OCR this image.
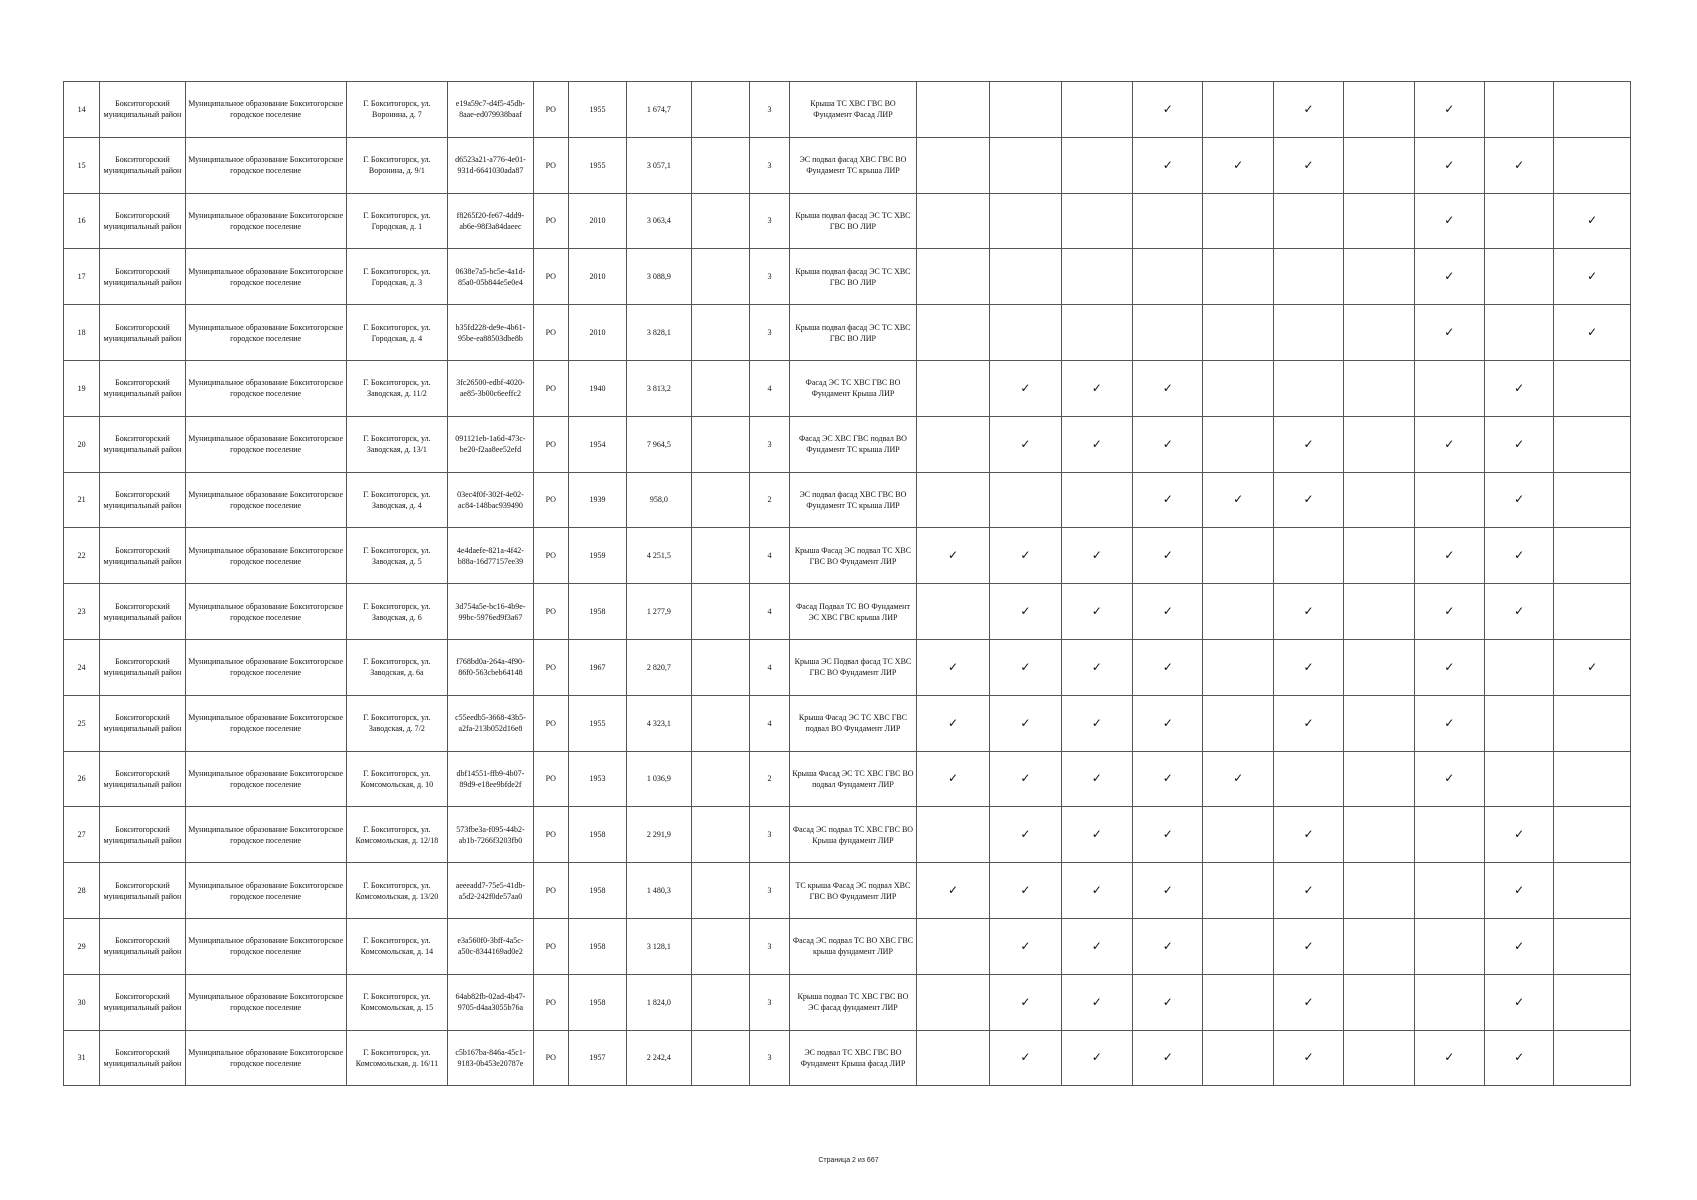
14	Бокситогорский муниципальный район	Муниципальное образование Бокситогорское городское поселение	Г. Бокситогорск, ул. Воронина, д. 7	e19a59c7-d4f5-45db-8aae-ed079938baaf	РО	1955	1 674,7		3	Крыша ТС ХВС ГВС ВО Фундамент Фасад ЛИР				✓		✓		✓		
15	Бокситогорский муниципальный район	Муниципальное образование Бокситогорское городское поселение	Г. Бокситогорск, ул. Воронина, д. 9/1	d6523a21-a776-4e01-931d-6641030ada87	РО	1955	3 057,1		3	ЭС подвал фасад ХВС ГВС ВО Фундамент ТС крыша ЛИР				✓	✓	✓		✓	✓	
16	Бокситогорский муниципальный район	Муниципальное образование Бокситогорское городское поселение	Г. Бокситогорск, ул. Городская, д. 1	f8265f20-fe67-4dd9-ab6e-98f3a84daeec	РО	2010	3 063,4		3	Крыша подвал фасад ЭС ТС ХВС ГВС ВО ЛИР								✓		✓
17	Бокситогорский муниципальный район	Муниципальное образование Бокситогорское городское поселение	Г. Бокситогорск, ул. Городская, д. 3	0638e7a5-bc5e-4a1d-85a0-05b844e5e0e4	РО	2010	3 088,9		3	Крыша подвал фасад ЭС ТС ХВС ГВС ВО ЛИР								✓		✓
18	Бокситогорский муниципальный район	Муниципальное образование Бокситогорское городское поселение	Г. Бокситогорск, ул. Городская, д. 4	b35fd228-de9e-4b61-95be-ea88503dbe8b	РО	2010	3 828,1		3	Крыша подвал фасад ЭС ТС ХВС ГВС ВО ЛИР								✓		✓
19	Бокситогорский муниципальный район	Муниципальное образование Бокситогорское городское поселение	Г. Бокситогорск, ул. Заводская, д. 11/2	3fc26500-edbf-4020-ae85-3b00c6eeffc2	РО	1940	3 813,2		4	Фасад ЭС ТС ХВС ГВС ВО Фундамент Крыша ЛИР		✓	✓	✓					✓	
20	Бокситогорский муниципальный район	Муниципальное образование Бокситогорское городское поселение	Г. Бокситогорск, ул. Заводская, д. 13/1	091121eb-1a6d-473c-be20-f2aa8ee52efd	РО	1954	7 964,5		3	Фасад ЭС ХВС ГВС подвал ВО Фундамент ТС крыша ЛИР		✓	✓	✓		✓		✓	✓	
21	Бокситогорский муниципальный район	Муниципальное образование Бокситогорское городское поселение	Г. Бокситогорск, ул. Заводская, д. 4	03ec4f0f-302f-4e02-ac84-148bac939490	РО	1939	958,0		2	ЭС подвал фасад ХВС ГВС ВО Фундамент ТС крыша ЛИР				✓	✓	✓			✓	
22	Бокситогорский муниципальный район	Муниципальное образование Бокситогорское городское поселение	Г. Бокситогорск, ул. Заводская, д. 5	4e4daefe-821a-4f42-b88a-16d77157ee39	РО	1959	4 251,5		4	Крыша Фасад ЭС подвал ТС ХВС ГВС ВО Фундамент ЛИР	✓	✓	✓	✓				✓	✓	
23	Бокситогорский муниципальный район	Муниципальное образование Бокситогорское городское поселение	Г. Бокситогорск, ул. Заводская, д. 6	3d754a5e-bc16-4b9e-99bc-5976ed9f3a67	РО	1958	1 277,9		4	Фасад Подвал ТС ВО Фундамент ЭС ХВС ГВС крыша ЛИР		✓	✓	✓		✓		✓	✓	
24	Бокситогорский муниципальный район	Муниципальное образование Бокситогорское городское поселение	Г. Бокситогорск, ул. Заводская, д. 6а	f768bd0a-264a-4f90-86f0-563cbeb64148	РО	1967	2 820,7		4	Крыша ЭС Подвал фасад ТС ХВС ГВС ВО Фундамент ЛИР	✓	✓	✓	✓		✓		✓		✓
25	Бокситогорский муниципальный район	Муниципальное образование Бокситогорское городское поселение	Г. Бокситогорск, ул. Заводская, д. 7/2	c55eedb5-3668-43b5-a2fa-213b052d16e8	РО	1955	4 323,1		4	Крыша Фасад ЭС ТС ХВС ГВС подвал ВО Фундамент ЛИР	✓	✓	✓	✓		✓		✓		
26	Бокситогорский муниципальный район	Муниципальное образование Бокситогорское городское поселение	Г. Бокситогорск, ул. Комсомольская, д. 10	dbf14551-ffb9-4b07-89d9-e18ee9bfde2f	РО	1953	1 036,9		2	Крыша Фасад ЭС ТС ХВС ГВС ВО подвал Фундамент ЛИР	✓	✓	✓	✓	✓			✓		
27	Бокситогорский муниципальный район	Муниципальное образование Бокситогорское городское поселение	Г. Бокситогорск, ул. Комсомольская, д. 12/18	573fbe3a-f095-44b2-ab1b-7266f3203fb0	РО	1958	2 291,9		3	Фасад ЭС подвал ТС ХВС ГВС ВО Крыша фундамент ЛИР		✓	✓	✓		✓			✓	
28	Бокситогорский муниципальный район	Муниципальное образование Бокситогорское городское поселение	Г. Бокситогорск, ул. Комсомольская, д. 13/20	aeeeadd7-75e5-41db-a5d2-242f0de57aa0	РО	1958	1 480,3		3	ТС крыша Фасад ЭС подвал ХВС ГВС ВО Фундамент ЛИР	✓	✓	✓	✓		✓			✓	
29	Бокситогорский муниципальный район	Муниципальное образование Бокситогорское городское поселение	Г. Бокситогорск, ул. Комсомольская, д. 14	e3a560f0-3bff-4a5c-a50c-8344169ad0e2	РО	1958	3 128,1		3	Фасад ЭС подвал ТС ВО ХВС ГВС крыша фундамент ЛИР		✓	✓	✓		✓			✓	
30	Бокситогорский муниципальный район	Муниципальное образование Бокситогорское городское поселение	Г. Бокситогорск, ул. Комсомольская, д. 15	64ab82fb-02ad-4b47-9705-d4aa3055b76a	РО	1958	1 824,0		3	Крыша подвал ТС ХВС ГВС ВО ЭС фасад фундамент ЛИР		✓	✓	✓		✓			✓	
31	Бокситогорский муниципальный район	Муниципальное образование Бокситогорское городское поселение	Г. Бокситогорск, ул. Комсомольская, д. 16/11	c5b167ba-846a-45c1-9183-0b453e20787e	РО	1957	2 242,4		3	ЭС подвал ТС ХВС ГВС ВО Фундамент Крыша фасад ЛИР		✓	✓	✓		✓		✓	✓	
Страница 2 из 667
